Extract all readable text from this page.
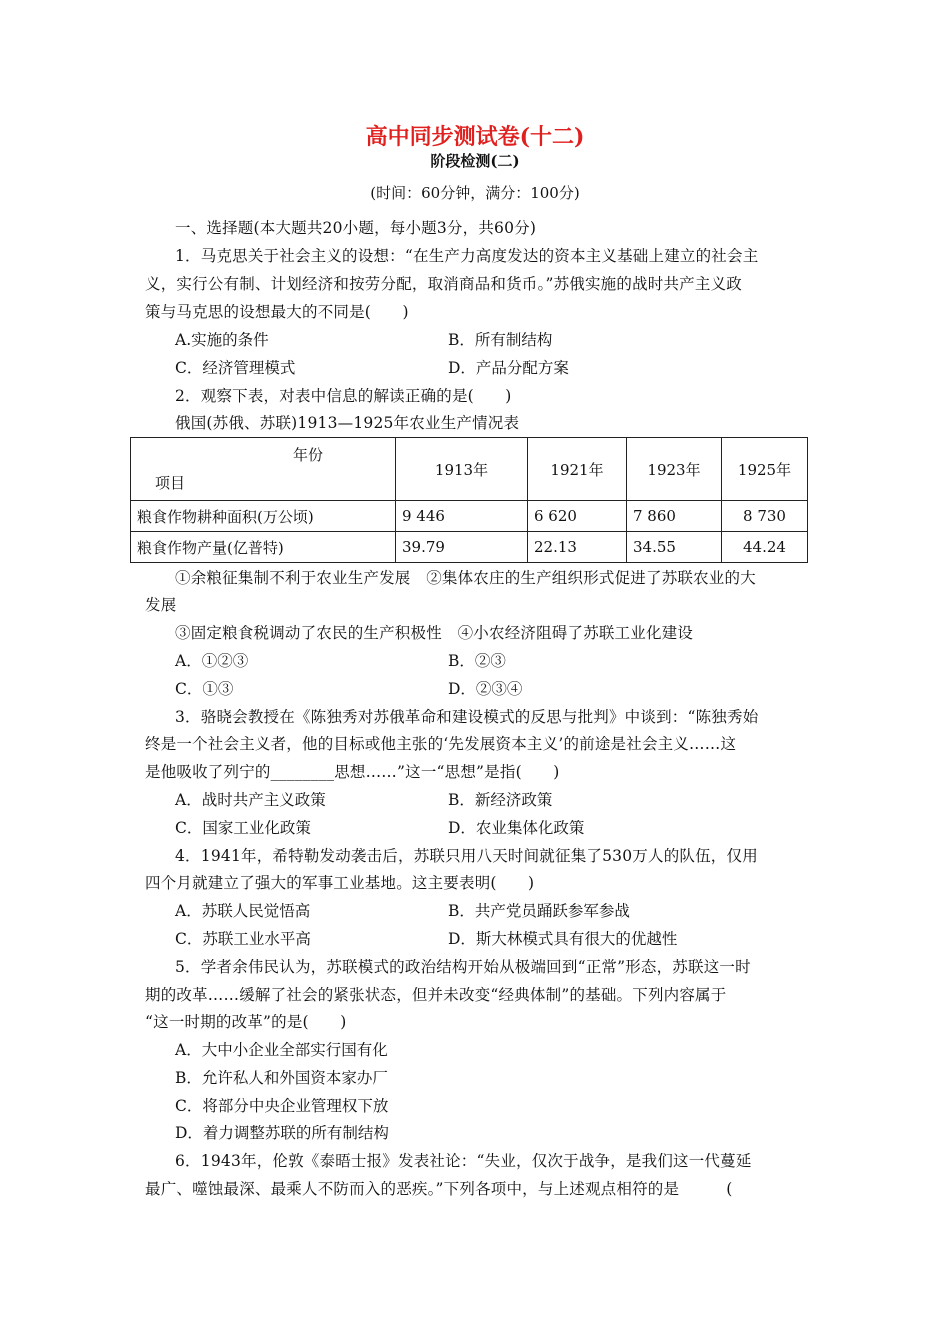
高中同步测试卷(十二)
阶段检测(二)
(时间：60分钟，满分：100分)
一、选择题(本大题共20小题，每小题3分，共60分)
1．马克思关于社会主义的设想：“在生产力高度发达的资本主义基础上建立的社会主
义，实行公有制、计划经济和按劳分配，取消商品和货币。”苏俄实施的战时共产主义政
策与马克思的设想最大的不同是(　　)
A.实施的条件	B．所有制结构
C．经济管理模式	D．产品分配方案
2．观察下表，对表中信息的解读正确的是(　　)
俄国(苏俄、苏联)1913—1925年农业生产情况表
年份
项目	1913年	1921年	1923年	1925年
粮食作物耕种面积(万公顷)	9 446	6 620	7 860	8 730
粮食作物产量(亿普特)	39.79	22.13	34.55	44.24
①余粮征集制不利于农业生产发展　②集体农庄的生产组织形式促进了苏联农业的大
发展
③固定粮食税调动了农民的生产积极性　④小农经济阻碍了苏联工业化建设
A．①②③	B．②③
C．①③	D．②③④
3．骆晓会教授在《陈独秀对苏俄革命和建设模式的反思与批判》中谈到：“陈独秀始
终是一个社会主义者，他的目标或他主张的‘先发展资本主义’的前途是社会主义……这
是他吸收了列宁的________思想……”这一“思想”是指(　　)
A．战时共产主义政策	B．新经济政策
C．国家工业化政策	D．农业集体化政策
4．1941年，希特勒发动袭击后，苏联只用八天时间就征集了530万人的队伍，仅用
四个月就建立了强大的军事工业基地。这主要表明(　　)
A．苏联人民觉悟高	B．共产党员踊跃参军参战
C．苏联工业水平高	D．斯大林模式具有很大的优越性
5．学者余伟民认为，苏联模式的政治结构开始从极端回到“正常”形态，苏联这一时
期的改革……缓解了社会的紧张状态，但并未改变“经典体制”的基础。下列内容属于
“这一时期的改革”的是(　　)
A．大中小企业全部实行国有化
B．允许私人和外国资本家办厂
C．将部分中央企业管理权下放
D．着力调整苏联的所有制结构
6．1943年，伦敦《泰晤士报》发表社论：“失业，仅次于战争，是我们这一代蔓延
最广、噬蚀最深、最乘人不防而入的恶疾。”下列各项中，与上述观点相符的是　　　(
